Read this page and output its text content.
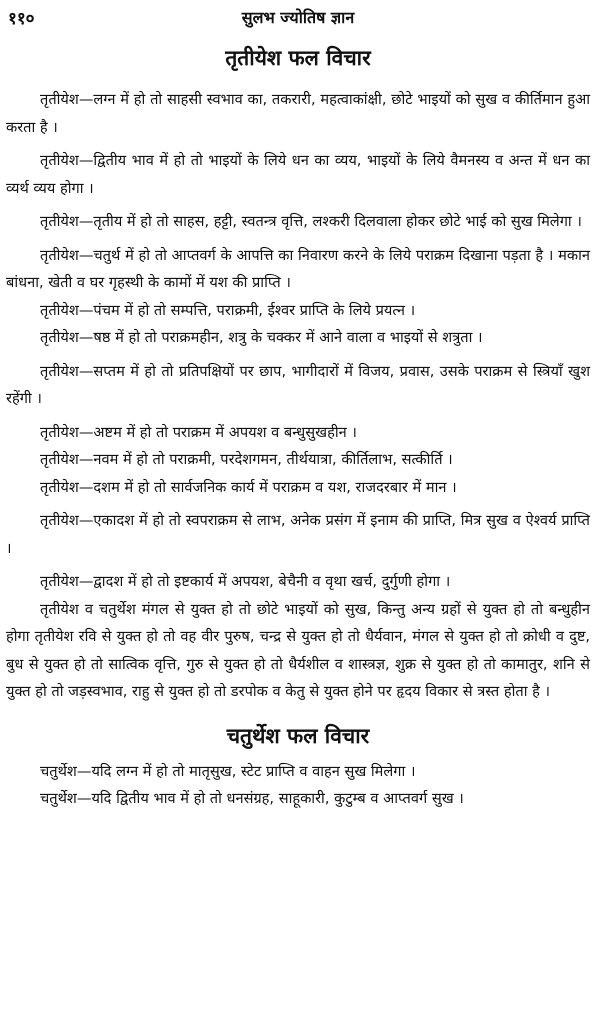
११०	सुलभ ज्योतिष ज्ञान
तृतीयेश फल विचार

तृतीयेश—लग्न में हो तो साहसी स्वभाव का, तकरारी, महत्वाकांक्षी, छोटे भाइयों को सुख व कीर्तिमान हुआ करता है ।

तृतीयेश—द्वितीय भाव में हो तो भाइयों के लिये धन का व्यय, भाइयों के लिये वैमनस्य व अन्त में धन का व्यर्थ व्यय होगा ।

तृतीयेश—तृतीय में हो तो साहस, हट्टी, स्वतन्त्र वृत्ति, लश्करी दिलवाला होकर छोटे भाई को सुख मिलेगा ।

तृतीयेश—चतुर्थ में हो तो आप्तवर्ग के आपत्ति का निवारण करने के लिये पराक्रम दिखाना पड़ता है । मकान बांधना, खेती व घर गृहस्थी के कामों में यश की प्राप्ति ।

तृतीयेश—पंचम में हो तो सम्पत्ति, पराक्रमी, ईश्वर प्राप्ति के लिये प्रयत्न ।

तृतीयेश—षष्ठ में हो तो पराक्रमहीन, शत्रु के चक्कर में आने वाला व भाइयों से शत्रुता ।

तृतीयेश—सप्तम में हो तो प्रतिपक्षियों पर छाप, भागीदारों में विजय, प्रवास, उसके पराक्रम से स्त्रियाँ खुश रहेंगी ।

तृतीयेश—अष्टम में हो तो पराक्रम में अपयश व बन्धुसुखहीन ।

तृतीयेश—नवम में हो तो पराक्रमी, परदेशगमन, तीर्थयात्रा, कीर्तिलाभ, सत्कीर्ति ।

तृतीयेश—दशम में हो तो सार्वजनिक कार्य में पराक्रम व यश, राजदरबार में मान ।

तृतीयेश—एकादश में हो तो स्वपराक्रम से लाभ, अनेक प्रसंग में इनाम की प्राप्ति, मित्र सुख व ऐश्वर्य प्राप्ति ।

तृतीयेश—द्वादश में हो तो इष्टकार्य में अपयश, बेचैनी व वृथा खर्च, दुर्गुणी होगा ।

तृतीयेश व चतुर्थेश मंगल से युक्त हो तो छोटे भाइयों को सुख, किन्तु अन्य ग्रहों से युक्त हो तो बन्धुहीन होगा तृतीयेश रवि से युक्त हो तो वह वीर पुरुष, चन्द्र से युक्त हो तो धैर्यवान, मंगल से युक्त हो तो क्रोधी व दुष्ट, बुध से युक्त हो तो सात्विक वृत्ति, गुरु से युक्त हो तो धैर्यशील व शास्त्रज्ञ, शुक्र से युक्त हो तो कामातुर, शनि से युक्त हो तो जड़स्वभाव, राहु से युक्त हो तो डरपोक व केतु से युक्त होने पर हृदय विकार से त्रस्त होता है ।

चतुर्थेश फल विचार

चतुर्थेश—यदि लग्न में हो तो मातृसुख, स्टेट प्राप्ति व वाहन सुख मिलेगा ।

चतुर्थेश—यदि द्वितीय भाव में हो तो धनसंग्रह, साहूकारी, कुटुम्ब व आप्तवर्ग सुख ।
